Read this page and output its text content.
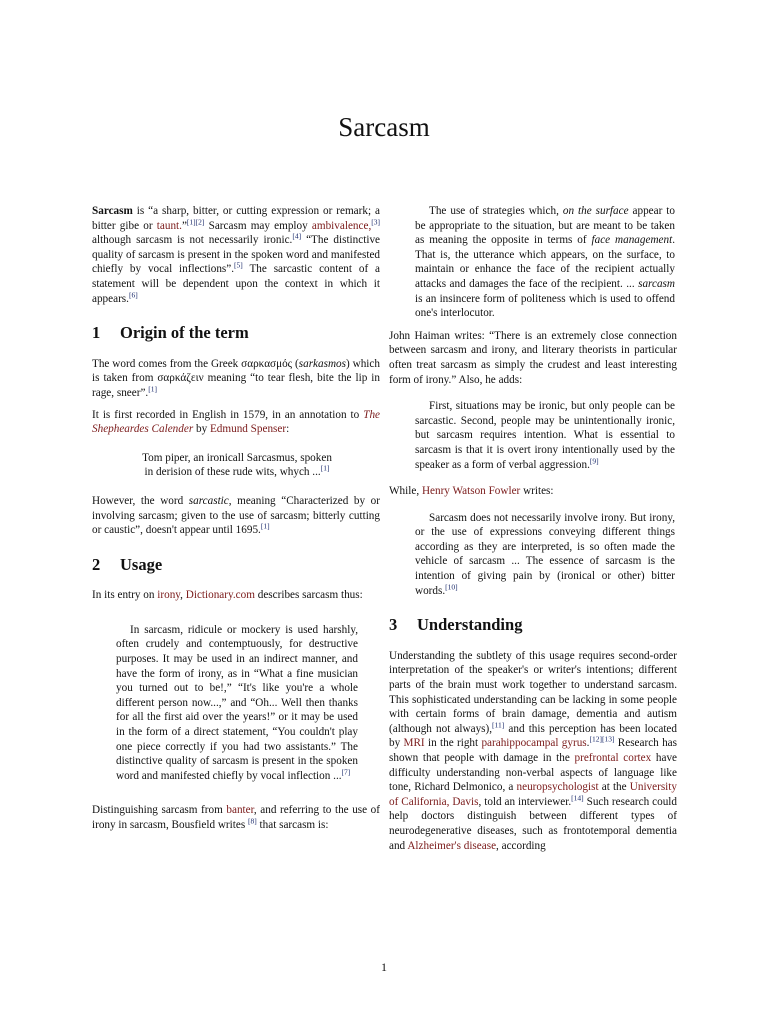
Sarcasm

Sarcasm is “a sharp, bitter, or cutting expression or remark; a bitter gibe or taunt.”[1][2] Sarcasm may employ ambivalence,[3] although sarcasm is not necessarily ironic.[4] “The distinctive quality of sarcasm is present in the spoken word and manifested chiefly by vocal inflections”.[5] The sarcastic content of a statement will be dependent upon the context in which it appears.[6]

1 Origin of the term

The word comes from the Greek σαρκασμός (sarkasmos) which is taken from σαρκάζειν meaning “to tear flesh, bite the lip in rage, sneer”.[1]

It is first recorded in English in 1579, in an annotation to The Shepheardes Calender by Edmund Spenser:

Tom piper, an ironicall Sarcasmus, spoken
in derision of these rude wits, whych ...[1]

However, the word sarcastic, meaning “Characterized by or involving sarcasm; given to the use of sarcasm; bitterly cutting or caustic”, doesn't appear until 1695.[1]

2 Usage

In its entry on irony, Dictionary.com describes sarcasm thus:

In sarcasm, ridicule or mockery is used harshly, often crudely and contemptuously, for destructive purposes. It may be used in an indirect manner, and have the form of irony, as in “What a fine musician you turned out to be!,” “It's like you're a whole different person now...,” and “Oh... Well then thanks for all the first aid over the years!” or it may be used in the form of a direct statement, “You couldn't play one piece correctly if you had two assistants.” The distinctive quality of sarcasm is present in the spoken word and manifested chiefly by vocal inflection ...[7]

Distinguishing sarcasm from banter, and referring to the use of irony in sarcasm, Bousfield writes [8] that sarcasm is:

The use of strategies which, on the surface appear to be appropriate to the situation, but are meant to be taken as meaning the opposite in terms of face management. That is, the utterance which appears, on the surface, to maintain or enhance the face of the recipient actually attacks and damages the face of the recipient. ... sarcasm is an insincere form of politeness which is used to offend one's interlocutor.

John Haiman writes: “There is an extremely close connection between sarcasm and irony, and literary theorists in particular often treat sarcasm as simply the crudest and least interesting form of irony.” Also, he adds:

First, situations may be ironic, but only people can be sarcastic. Second, people may be unintentionally ironic, but sarcasm requires intention. What is essential to sarcasm is that it is overt irony intentionally used by the speaker as a form of verbal aggression.[9]

While, Henry Watson Fowler writes:

Sarcasm does not necessarily involve irony. But irony, or the use of expressions conveying different things according as they are interpreted, is so often made the vehicle of sarcasm ... The essence of sarcasm is the intention of giving pain by (ironical or other) bitter words.[10]
3 Understanding

Understanding the subtlety of this usage requires second-order interpretation of the speaker's or writer's intentions; different parts of the brain must work together to understand sarcasm. This sophisticated understanding can be lacking in some people with certain forms of brain damage, dementia and autism (although not always),[11] and this perception has been located by MRI in the right parahippocampal gyrus.[12][13] Research has shown that people with damage in the prefrontal cortex have difficulty understanding non-verbal aspects of language like tone, Richard Delmonico, a neuropsychologist at the University of California, Davis, told an interviewer.[14] Such research could help doctors distinguish between different types of neurodegenerative diseases, such as frontotemporal dementia and Alzheimer's disease, according

1
